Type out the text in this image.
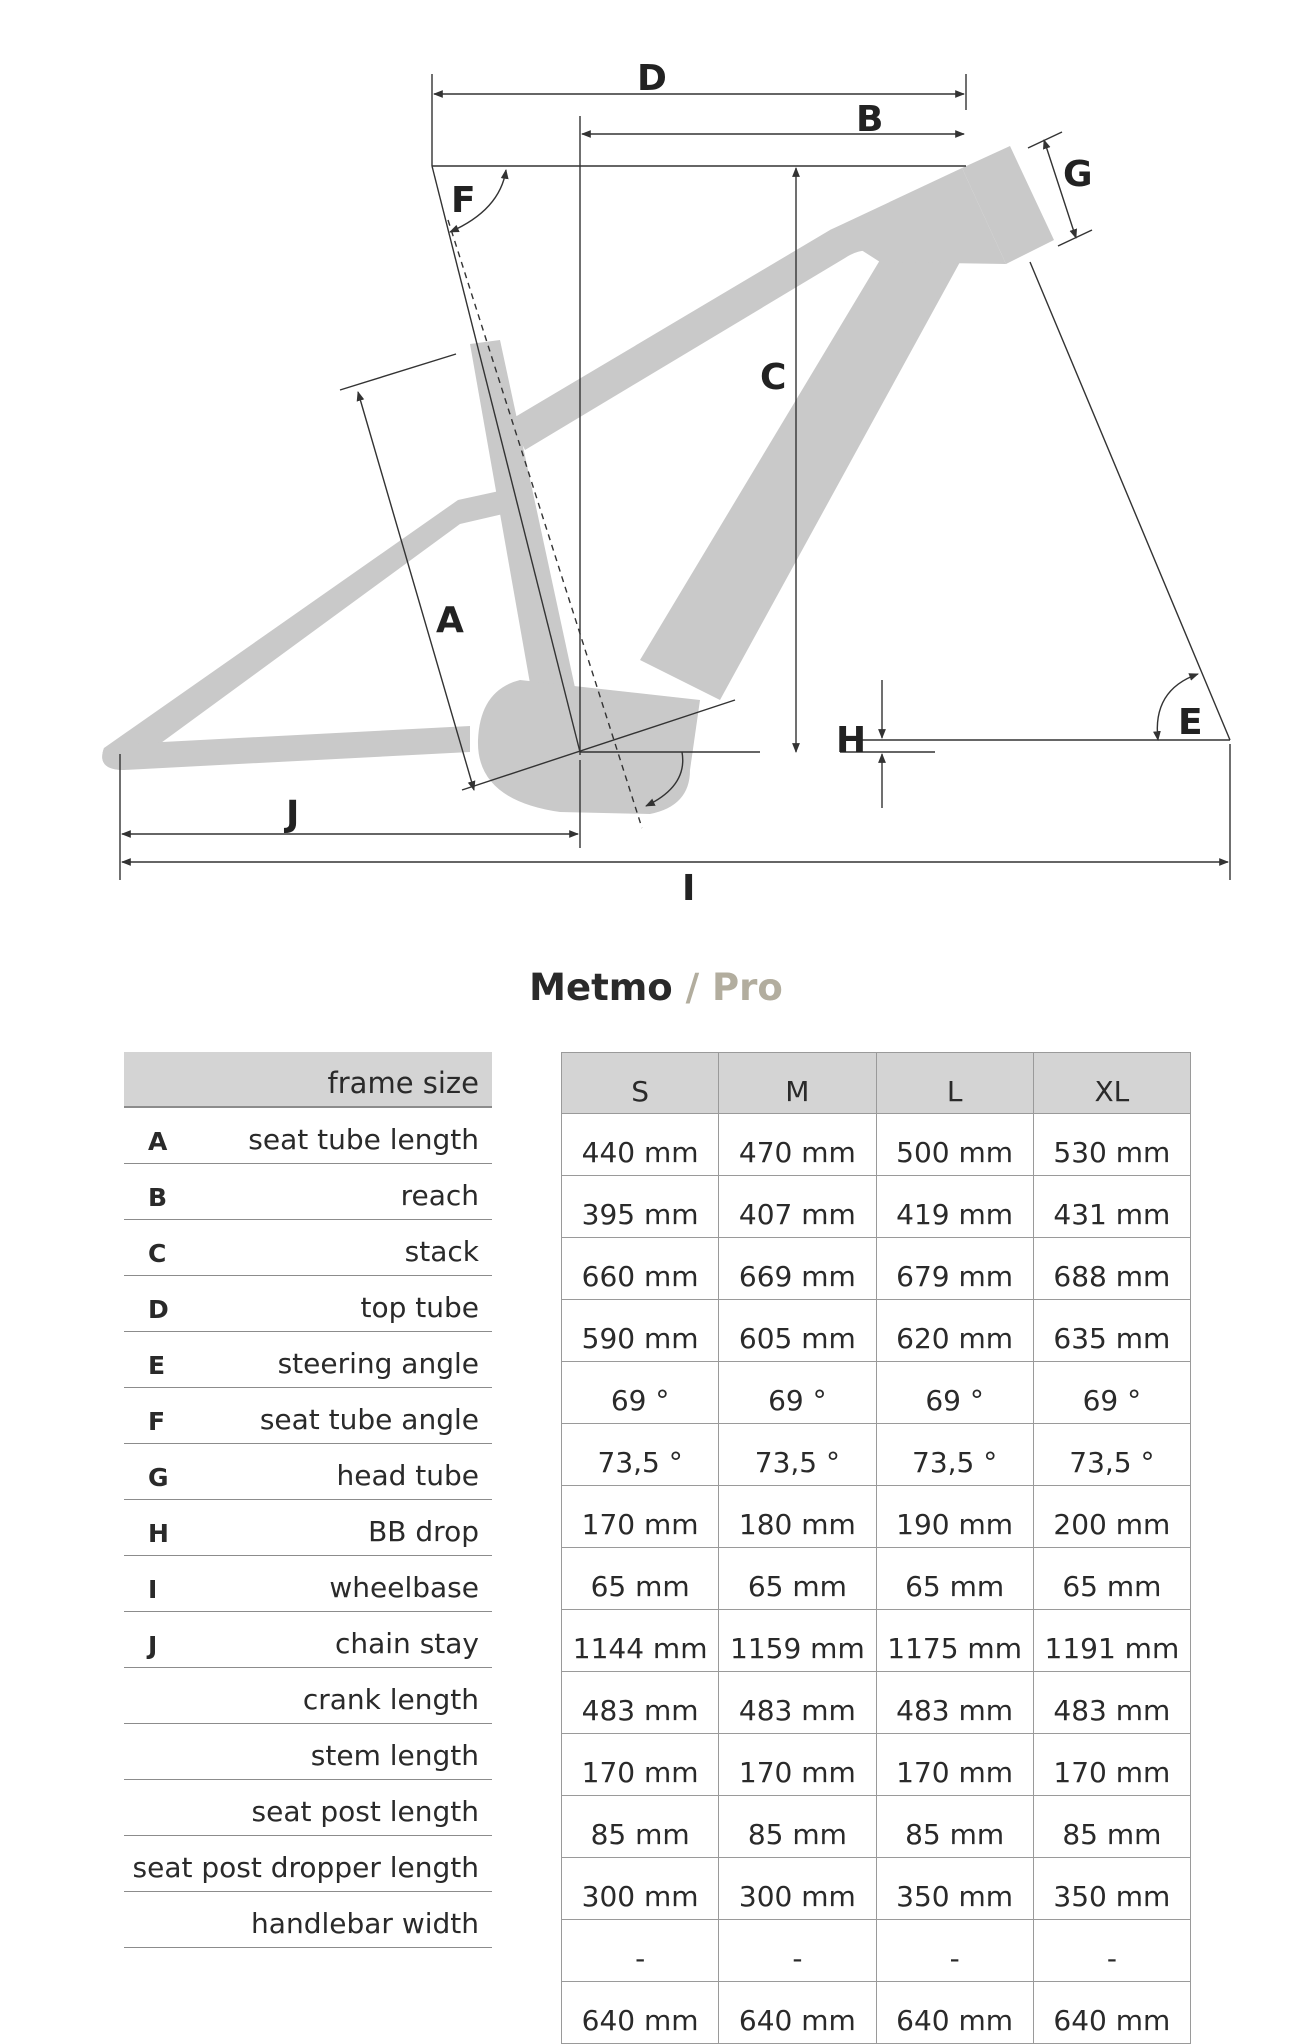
D
B
G
F
C
A
H	E
J
I
Metmo / Pro
frame size
A	seat tube length
B	reach
C	stack
D	top tube
E	steering angle
F	seat tube angle
G	head tube
H	BB drop
I	wheelbase
J	chain stay
crank length
stem length
seat post length
seat post dropper length
handlebar width
S	M	L	XL
440 mm	470 mm	500 mm	530 mm
395 mm	407 mm	419 mm	431 mm
660 mm	669 mm	679 mm	688 mm
590 mm	605 mm	620 mm	635 mm
69 °	69 °	69 °	69 °
73,5 °	73,5 °	73,5 °	73,5 °
170 mm	180 mm	190 mm	200 mm
65 mm	65 mm	65 mm	65 mm
1144 mm	1159 mm	1175 mm	1191 mm
483 mm	483 mm	483 mm	483 mm
170 mm	170 mm	170 mm	170 mm
85 mm	85 mm	85 mm	85 mm
300 mm	300 mm	350 mm	350 mm
-	-	-	-
640 mm	640 mm	640 mm	640 mm
